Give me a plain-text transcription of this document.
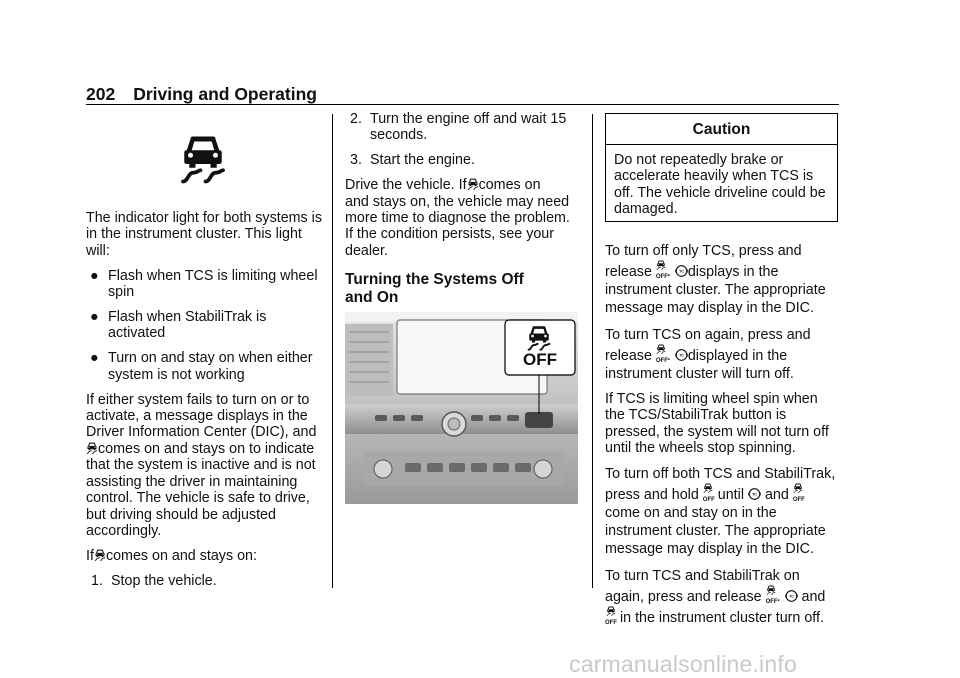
202 Driving and Operating

The indicator light for both systems is in the instrument cluster. This light will:

● Flash when TCS is limiting wheel spin
● Flash when StabiliTrak is activated
● Turn on and stay on when either system is not working

If either system fails to turn on or to activate, a message displays in the Driver Information Center (DIC), and
comes on and stays on to indicate that the system is inactive and is not assisting the driver in maintaining control. The vehicle is safe to drive, but driving should be adjusted accordingly.

If comes on and stays on:

1. Stop the vehicle.
2. Turn the engine off and wait 15 seconds.
3. Start the engine.

Drive the vehicle. If comes on
and stays on, the vehicle may need more time to diagnose the problem. If the condition persists, see your dealer.

Turning the Systems Off
and On
OFF
Caution
Do not repeatedly brake or accelerate heavily when TCS is off. The vehicle driveline could be damaged.

To turn off only TCS, press and
release OFF. displays in the
instrument cluster. The appropriate message may display in the DIC.

To turn TCS on again, press and
release OFF. displayed in the
instrument cluster will turn off.

If TCS is limiting wheel spin when the TCS/StabiliTrak button is pressed, the system will not turn off until the wheels stop spinning.

To turn off both TCS and StabiliTrak,
press and hold OFF until and OFF
come on and stay on in the instrument cluster. The appropriate message may display in the DIC.

To turn TCS and StabiliTrak on
again, press and release OFF. and

OFF in the instrument cluster turn off.

carmanualsonline.info
